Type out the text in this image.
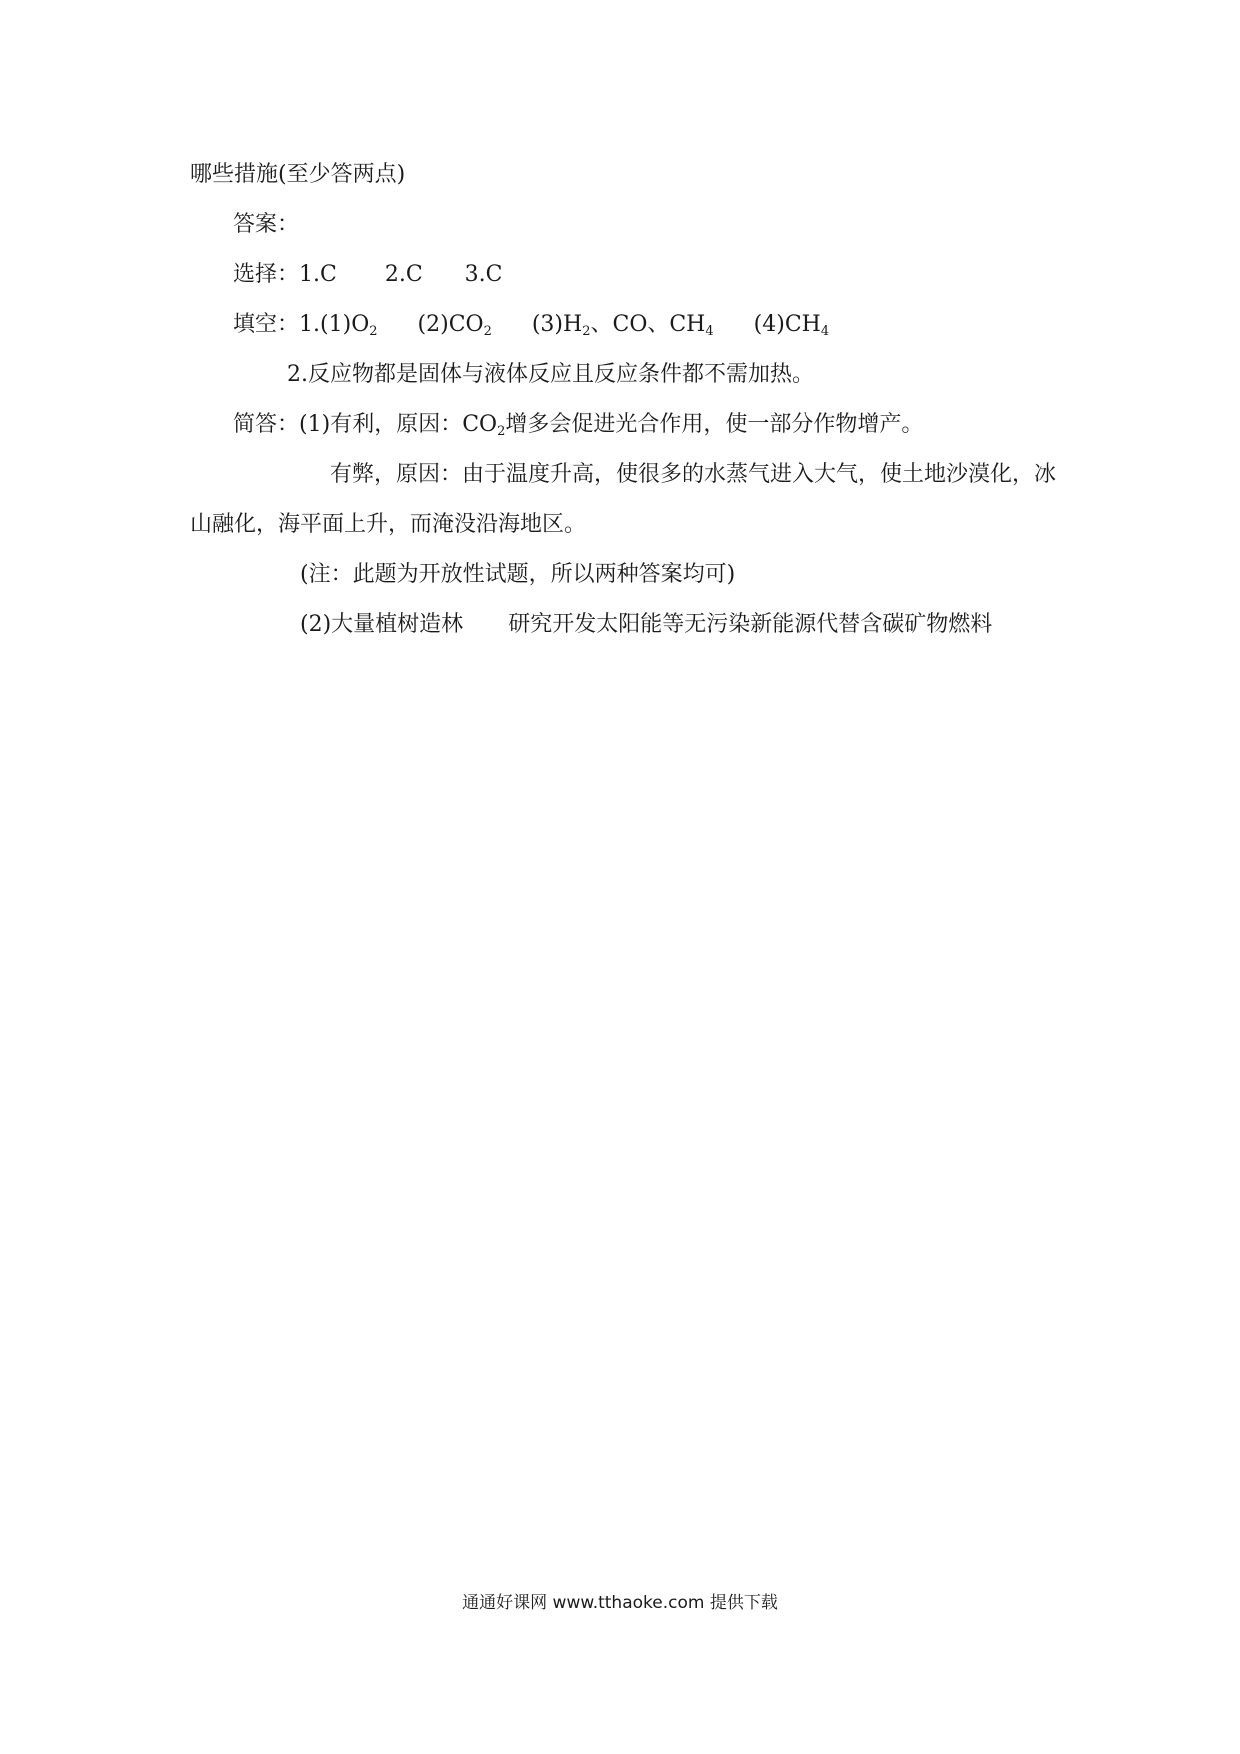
哪些措施(至少答两点)
答案：
选择：1.C 2.C 3.C
填空：$1.(1)O_2$ $(2)CO_2$ $(3)H_2$、CO、$CH_4$ $(4)CH_4$
2.反应物都是固体与液体反应且反应条件都不需加热。
简答：(1)有利，原因：$CO_2$增多会促进光合作用，使一部分作物增产。
有弊，原因：由于温度升高，使很多的水蒸气进入大气，使土地沙漠化，冰
山融化，海平面上升，而淹没沿海地区。
(注：此题为开放性试题，所以两种答案均可)
(2)大量植树造林 研究开发太阳能等无污染新能源代替含碳矿物燃料
通通好课网 www.tthaoke.com 提供下载
